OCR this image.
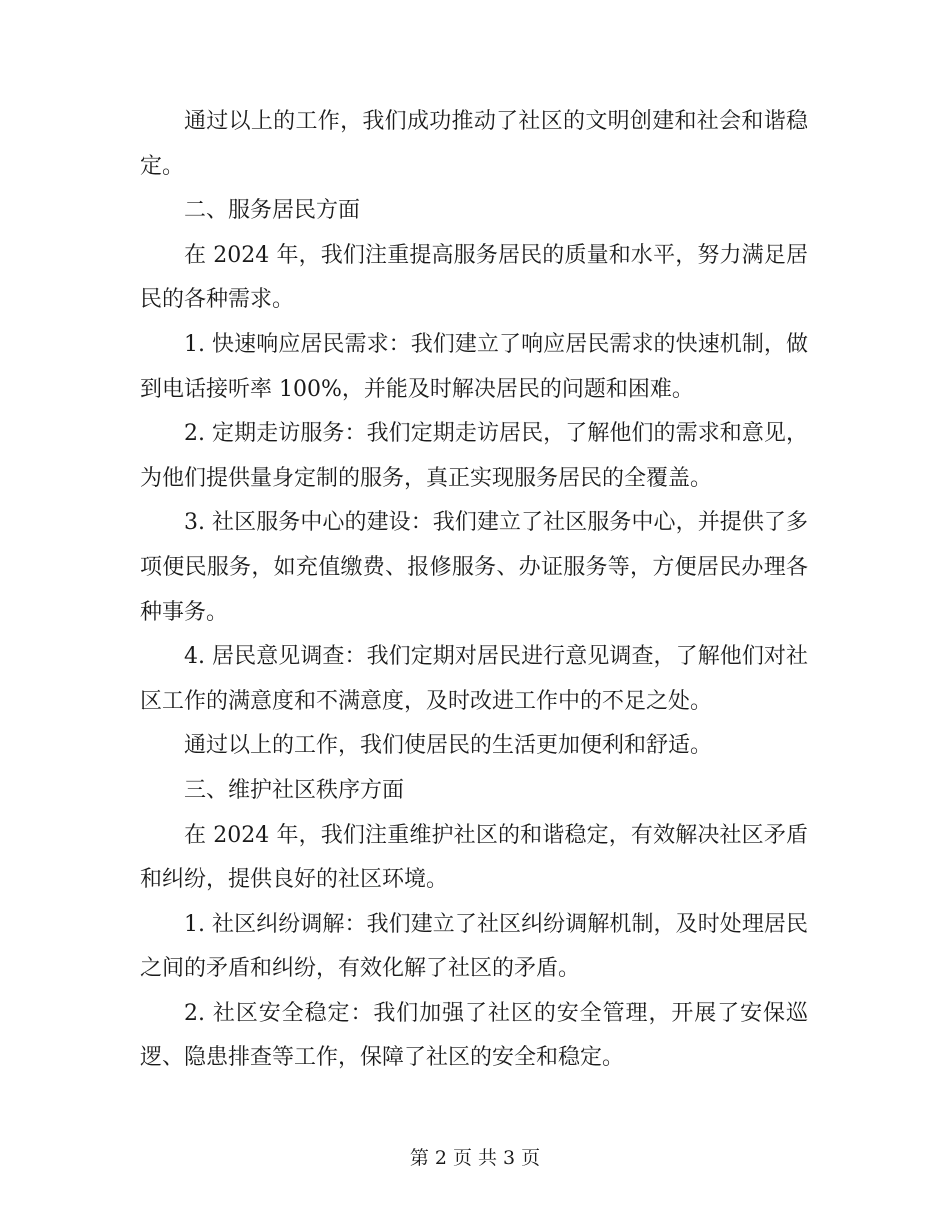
通过以上的工作，我们成功推动了社区的文明创建和社会和谐稳定。

二、服务居民方面

在 2024 年，我们注重提高服务居民的质量和水平，努力满足居民的各种需求。

1. 快速响应居民需求：我们建立了响应居民需求的快速机制，做到电话接听率 100%，并能及时解决居民的问题和困难。

2. 定期走访服务：我们定期走访居民，了解他们的需求和意见，为他们提供量身定制的服务，真正实现服务居民的全覆盖。

3. 社区服务中心的建设：我们建立了社区服务中心，并提供了多项便民服务，如充值缴费、报修服务、办证服务等，方便居民办理各种事务。

4. 居民意见调查：我们定期对居民进行意见调查，了解他们对社区工作的满意度和不满意度，及时改进工作中的不足之处。

通过以上的工作，我们使居民的生活更加便利和舒适。

三、维护社区秩序方面

在 2024 年，我们注重维护社区的和谐稳定，有效解决社区矛盾和纠纷，提供良好的社区环境。

1. 社区纠纷调解：我们建立了社区纠纷调解机制，及时处理居民之间的矛盾和纠纷，有效化解了社区的矛盾。

2. 社区安全稳定：我们加强了社区的安全管理，开展了安保巡逻、隐患排查等工作，保障了社区的安全和稳定。

第 2 页 共 3 页
